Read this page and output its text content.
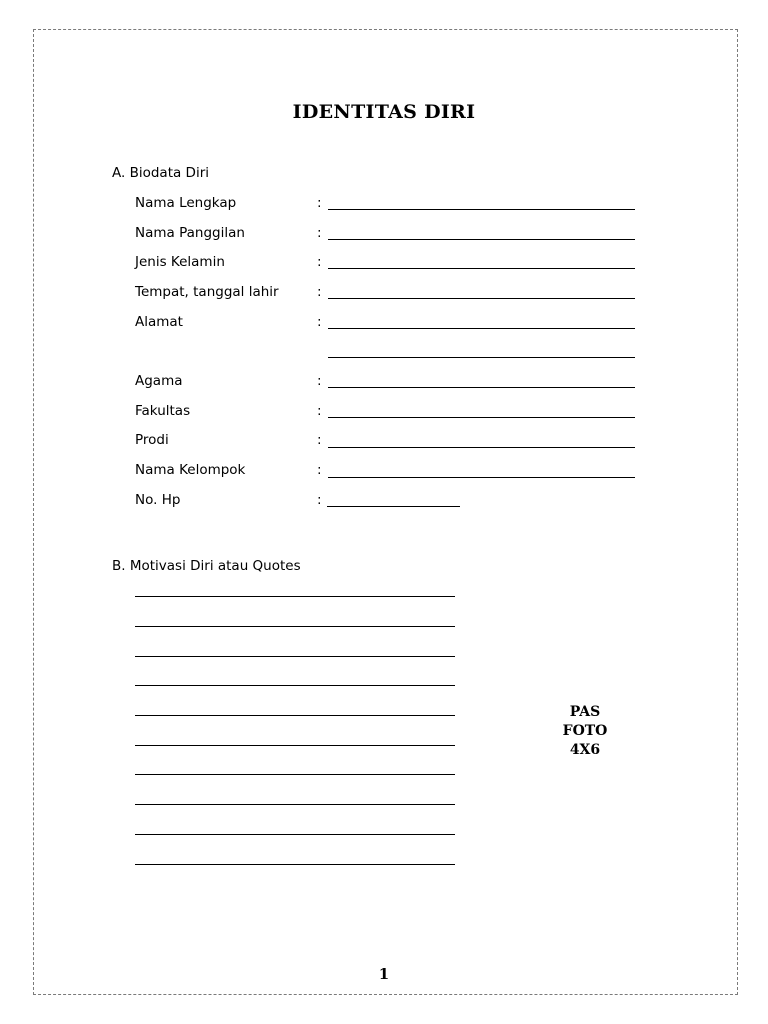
IDENTITAS DIRI
A. Biodata Diri
Nama Lengkap	:
Nama Panggilan	:
Jenis Kelamin	:
Tempat, tanggal lahir	:
Alamat	:
Agama	:
Fakultas	:
Prodi	:
Nama Kelompok	:
No. Hp	:
B. Motivasi Diri atau Quotes
PAS
FOTO
4X6
1
